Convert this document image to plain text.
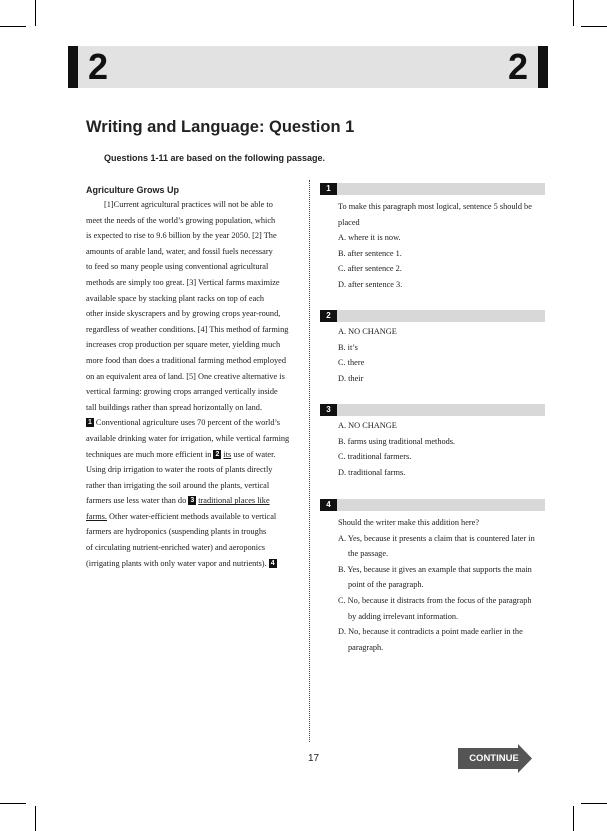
2	2
Writing and Language: Question 1
Questions 1-11 are based on the following passage.
Agriculture Grows Up
[1]Current agricultural practices will not be able to
meet the needs of the world’s growing population, which
is expected to rise to 9.6 billion by the year 2050. [2] The
amounts of arable land, water, and fossil fuels necessary
to feed so many people using conventional agricultural
methods are simply too great. [3] Vertical farms maximize
available space by stacking plant racks on top of each
other inside skyscrapers and by growing crops year-round,
regardless of weather conditions. [4] This method of farming
increases crop production per square meter, yielding much
more food than does a traditional farming method employed
on an equivalent area of land. [5] One creative alternative is
vertical farming: growing crops arranged vertically inside
tall buildings rather than spread horizontally on land.
1 Conventional agriculture uses 70 percent of the world’s
available drinking water for irrigation, while vertical farming
techniques are much more efficient in 2 its use of water.
Using drip irrigation to water the roots of plants directly
rather than irrigating the soil around the plants, vertical
farmers use less water than do 3 traditional places like
farms. Other water-efficient methods available to vertical
farmers are hydroponics (suspending plants in troughs
of circulating nutrient-enriched water) and aeroponics
(irrigating plants with only water vapor and nutrients). 4
1
To make this paragraph most logical, sentence 5 should be
placed
A. where it is now.
B. after sentence 1.
C. after sentence 2.
D. after sentence 3.
2
A. NO CHANGE
B. it’s
C. there
D. their
3
A. NO CHANGE
B. farms using traditional methods.
C. traditional farmers.
D. traditional farms.
4
Should the writer make this addition here?
A. Yes, because it presents a claim that is countered later in
the passage.
B. Yes, because it gives an example that supports the main
point of the paragraph.
C. No, because it distracts from the focus of the paragraph
by adding irrelevant information.
D. No, because it contradicts a point made earlier in the
paragraph.
17	CONTINUE
